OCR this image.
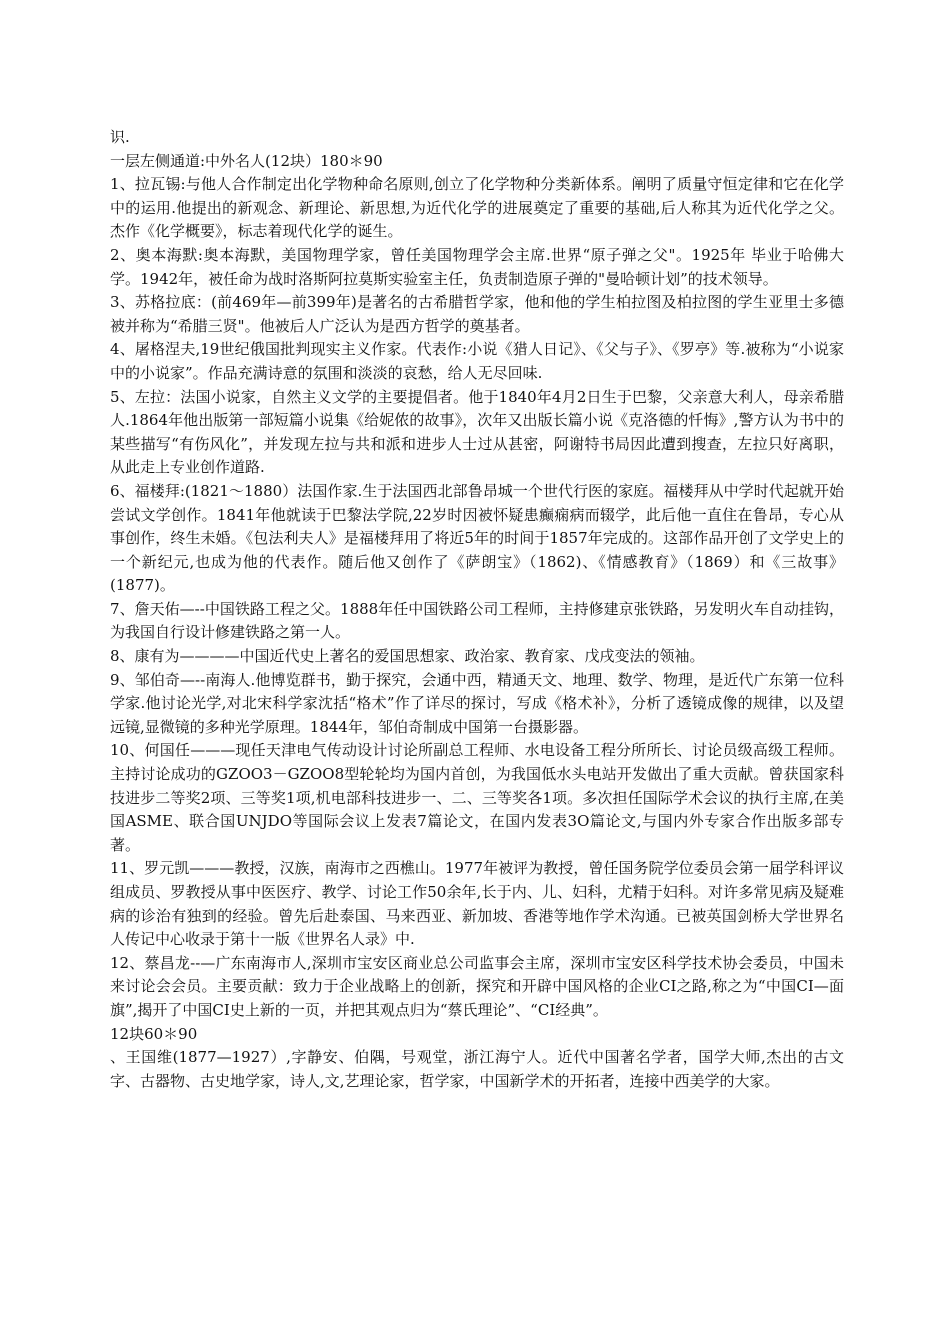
识.

一层左侧通道:中外名人(12块）180＊90

1、拉瓦锡:与他人合作制定出化学物种命名原则,创立了化学物种分类新体系。阐明了质量守恒定律和它在化学中的运用.他提出的新观念、新理论、新思想,为近代化学的进展奠定了重要的基础,后人称其为近代化学之父。杰作《化学概要》，标志着现代化学的诞生。

2、奥本海默:奥本海默，美国物理学家，曾任美国物理学会主席.世界“原子弹之父"。1925年 毕业于哈佛大学。1942年，被任命为战时洛斯阿拉莫斯实验室主任，负责制造原子弹的"曼哈顿计划”的技术领导。

3、苏格拉底：(前469年—前399年)是著名的古希腊哲学家，他和他的学生柏拉图及柏拉图的学生亚里士多德被并称为“希腊三贤"。他被后人广泛认为是西方哲学的奠基者。

4、屠格涅夫,19世纪俄国批判现实主义作家。代表作:小说《猎人日记》、《父与子》、《罗亭》等.被称为“小说家中的小说家”。作品充满诗意的氛围和淡淡的哀愁，给人无尽回味.

5、左拉：法国小说家，自然主义文学的主要提倡者。他于1840年4月2日生于巴黎，父亲意大利人，母亲希腊人.1864年他出版第一部短篇小说集《给妮侬的故事》，次年又出版长篇小说《克洛德的忏悔》,警方认为书中的某些描写“有伤风化”，并发现左拉与共和派和进步人士过从甚密，阿谢特书局因此遭到搜查，左拉只好离职，从此走上专业创作道路.

6、福楼拜:(1821～1880）法国作家.生于法国西北部鲁昂城一个世代行医的家庭。福楼拜从中学时代起就开始尝试文学创作。1841年他就读于巴黎法学院,22岁时因被怀疑患癫痫病而辍学，此后他一直住在鲁昂，专心从事创作，终生未婚。《包法利夫人》是福楼拜用了将近5年的时间于1857年完成的。这部作品开创了文学史上的一个新纪元,也成为他的代表作。随后他又创作了《萨朗宝》（1862)、《情感教育》（1869）和《三故事》(1877)。

7、詹天佑—--中国铁路工程之父。1888年任中国铁路公司工程师，主持修建京张铁路，另发明火车自动挂钩，为我国自行设计修建铁路之第一人。

8、康有为————中国近代史上著名的爱国思想家、政治家、教育家、戊戌变法的领袖。

9、邹伯奇—--南海人.他博览群书，勤于探究，会通中西，精通天文、地理、数学、物理，是近代广东第一位科学家.他讨论光学,对北宋科学家沈括“格术”作了详尽的探讨，写成《格术补》，分析了透镜成像的规律，以及望远镜,显微镜的多种光学原理。1844年，邹伯奇制成中国第一台摄影器。

10、何国任———现任天津电气传动设计讨论所副总工程师、水电设备工程分所所长、讨论员级高级工程师。主持讨论成功的GZOO3－GZOO8型轮轮均为国内首创，为我国低水头电站开发做出了重大贡献。曾获国家科技进步二等奖2项、三等奖1项,机电部科技进步一、二、三等奖各1项。多次担任国际学术会议的执行主席,在美国ASME、联合国UNJDO等国际会议上发表7篇论文，在国内发表3O篇论文,与国内外专家合作出版多部专著。

11、罗元凯———教授，汉族，南海市之西樵山。1977年被评为教授，曾任国务院学位委员会第一届学科评议组成员、罗教授从事中医医疗、教学、讨论工作50余年,长于内、儿、妇科，尤精于妇科。对许多常见病及疑难病的诊治有独到的经验。曾先后赴泰国、马来西亚、新加坡、香港等地作学术沟通。已被英国剑桥大学世界名人传记中心收录于第十一版《世界名人录》中.

12、蔡昌龙--—广东南海市人,深圳市宝安区商业总公司监事会主席，深圳市宝安区科学技术协会委员，中国未来讨论会会员。主要贡献：致力于企业战略上的创新，探究和开辟中国风格的企业CI之路,称之为“中国CI—面旗”,揭开了中国CI史上新的一页，并把其观点归为“蔡氏理论”、“CI经典”。

12块60＊90

、王国维(1877—1927）,字静安、伯隅，号观堂，浙江海宁人。近代中国著名学者，国学大师,杰出的古文字、古器物、古史地学家，诗人,文,艺理论家，哲学家，中国新学术的开拓者，连接中西美学的大家。
